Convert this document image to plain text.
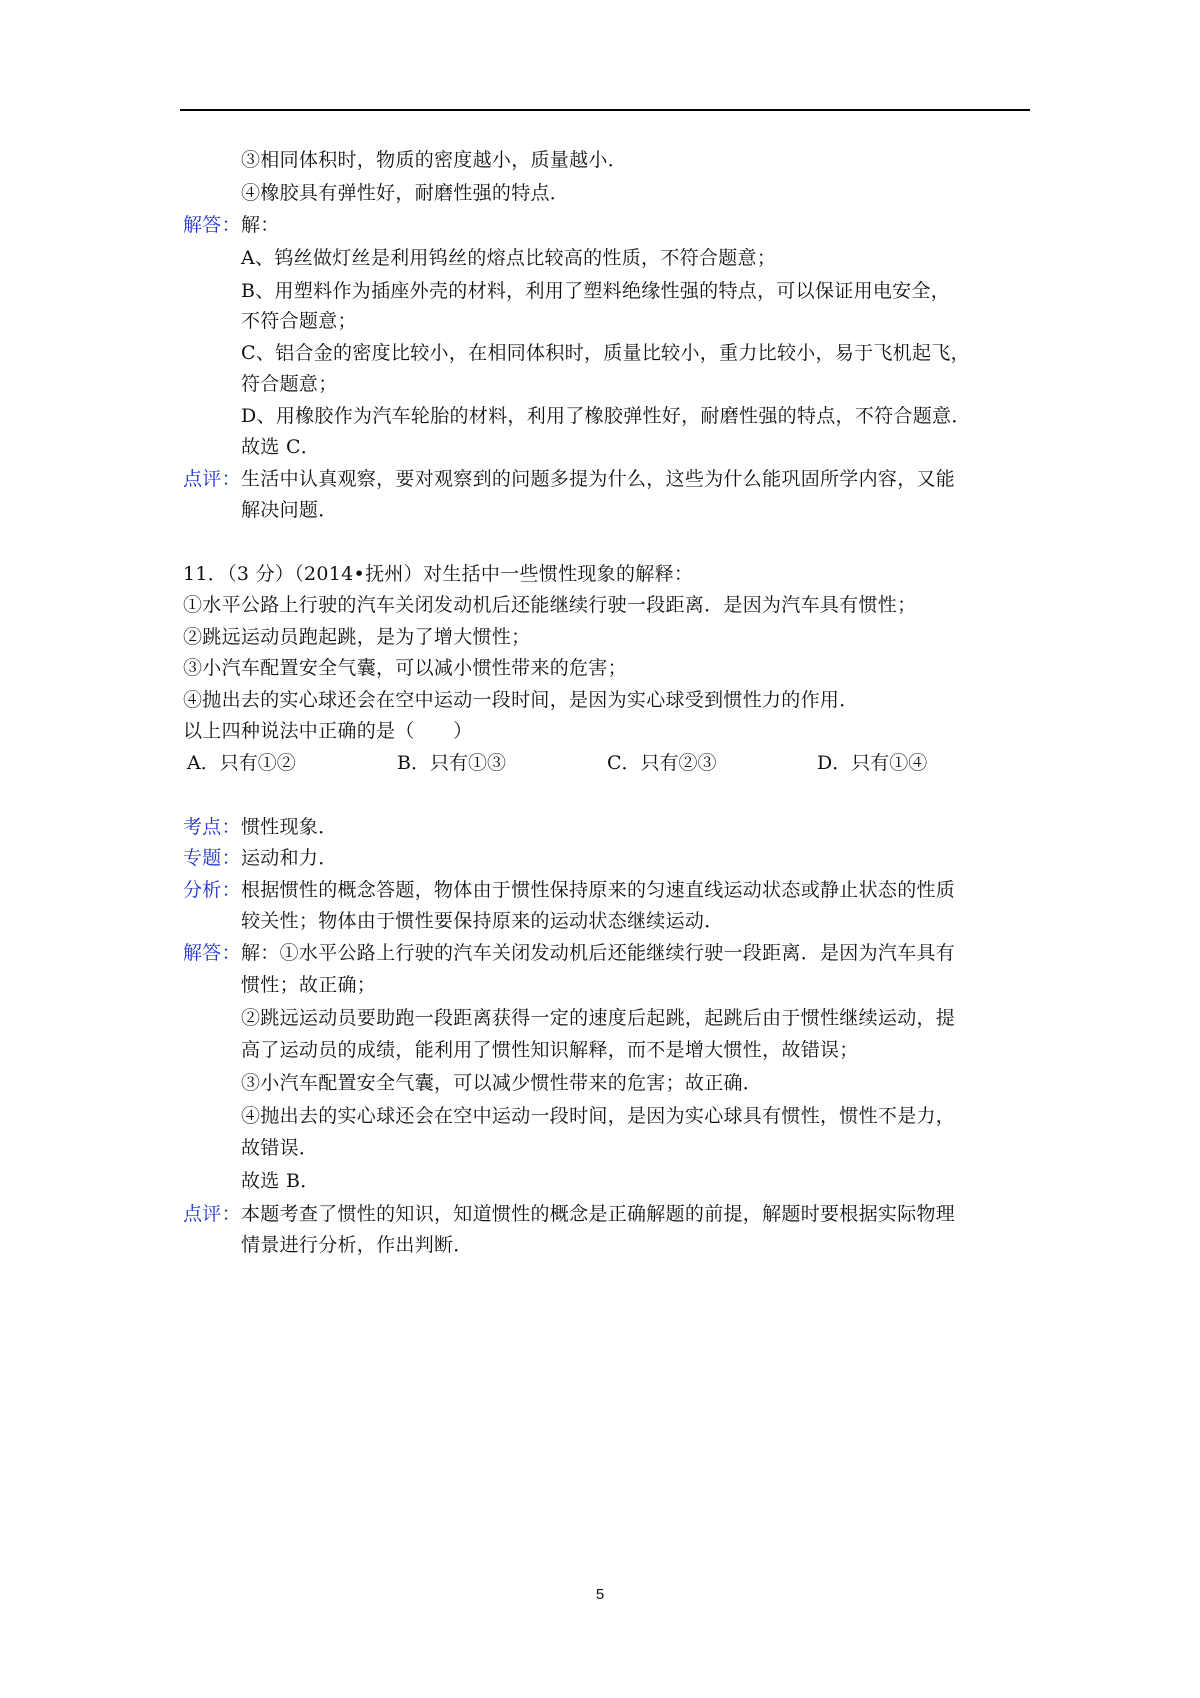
③相同体积时，物质的密度越小，质量越小．
④橡胶具有弹性好，耐磨性强的特点．
解答： 解：
A、钨丝做灯丝是利用钨丝的熔点比较高的性质，不符合题意；
B、用塑料作为插座外壳的材料，利用了塑料绝缘性强的特点，可以保证用电安全，
不符合题意；
C、铝合金的密度比较小，在相同体积时，质量比较小，重力比较小，易于飞机起飞，
符合题意；
D、用橡胶作为汽车轮胎的材料，利用了橡胶弹性好，耐磨性强的特点，不符合题意．
故选 C．
点评： 生活中认真观察，要对观察到的问题多提为什么，这些为什么能巩固所学内容，又能
解决问题．
11．（3 分）（2014•抚州）对生括中一些惯性现象的解释：
①水平公路上行驶的汽车关闭发动机后还能继续行驶一段距离．是因为汽车具有惯性；
②跳远运动员跑起跳，是为了增大惯性；
③小汽车配置安全气囊，可以减小惯性带来的危害；
④抛出去的实心球还会在空中运动一段时间，是因为实心球受到惯性力的作用．
以上四种说法中正确的是（　　）
A．只有①②	B．只有①③	C．只有②③	D．只有①④
考点： 惯性现象．
专题： 运动和力．
分析： 根据惯性的概念答题，物体由于惯性保持原来的匀速直线运动状态或静止状态的性质
较关性；物体由于惯性要保持原来的运动状态继续运动．
解答： 解：①水平公路上行驶的汽车关闭发动机后还能继续行驶一段距离．是因为汽车具有
惯性；故正确；
②跳远运动员要助跑一段距离获得一定的速度后起跳，起跳后由于惯性继续运动，提
高了运动员的成绩，能利用了惯性知识解释，而不是增大惯性，故错误；
③小汽车配置安全气囊，可以减少惯性带来的危害；故正确．
④抛出去的实心球还会在空中运动一段时间，是因为实心球具有惯性，惯性不是力，
故错误．
故选 B．
点评： 本题考查了惯性的知识，知道惯性的概念是正确解题的前提，解题时要根据实际物理
情景进行分析，作出判断．
5
